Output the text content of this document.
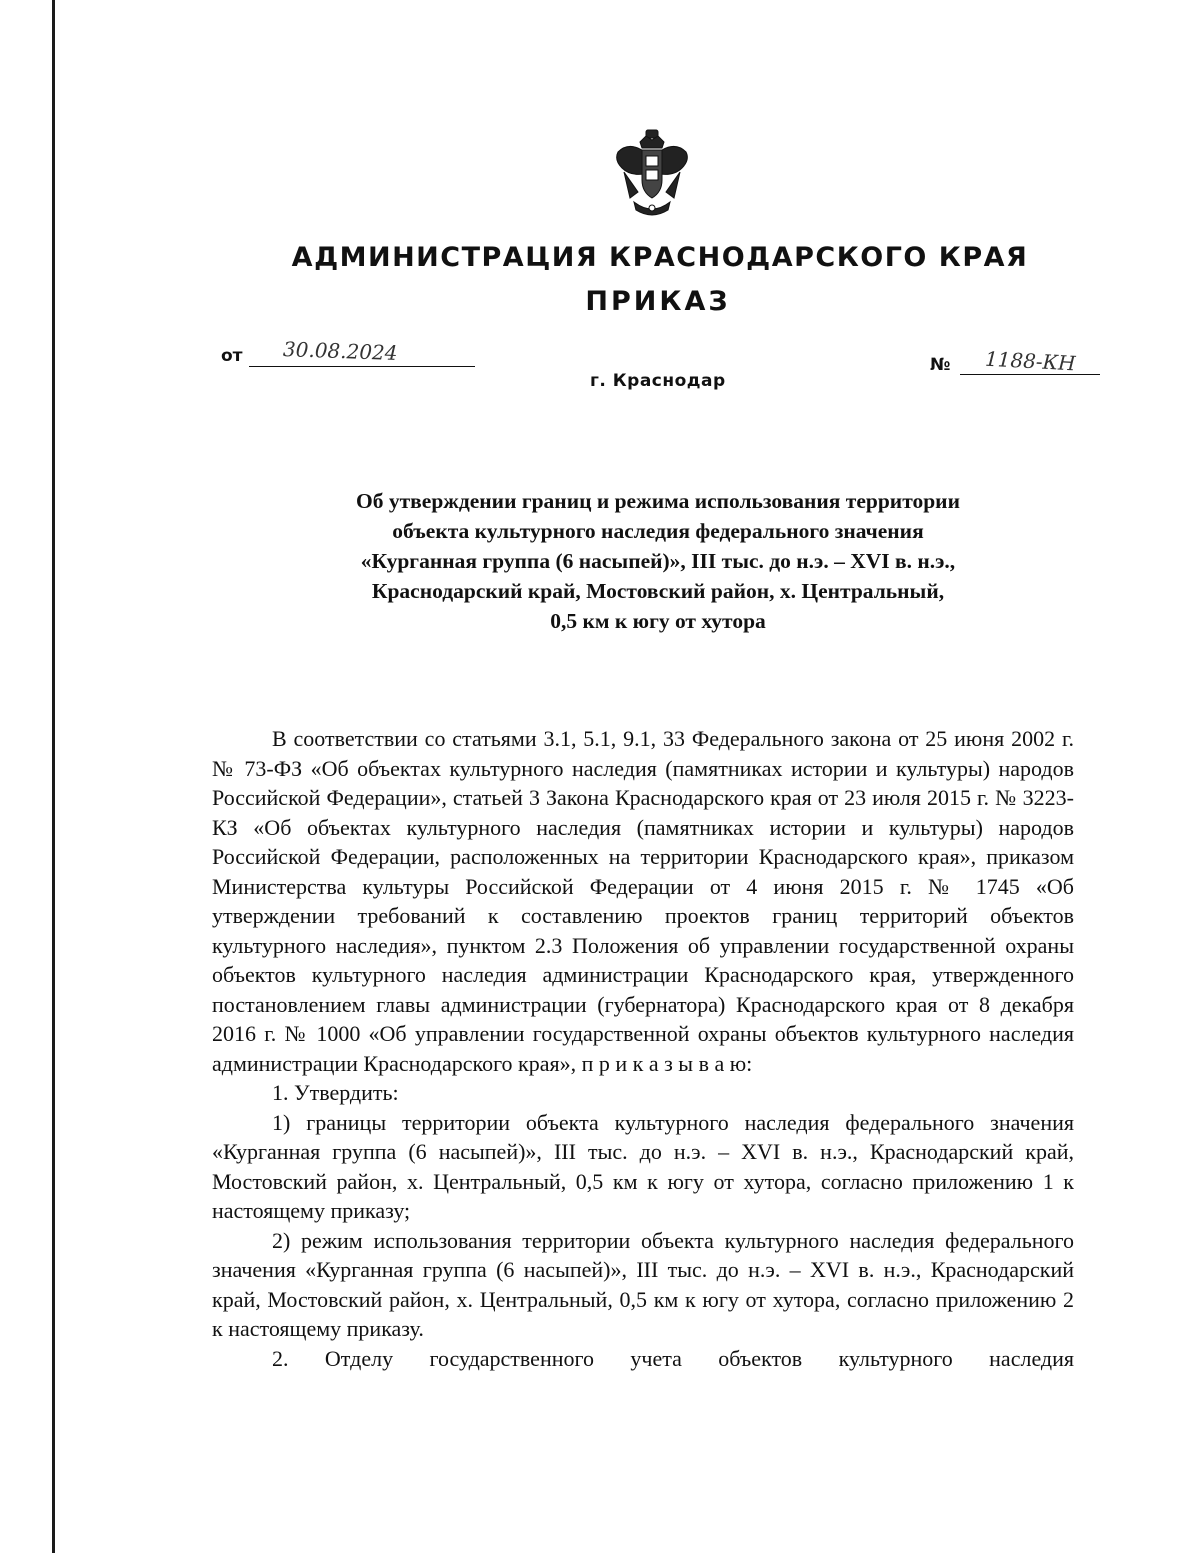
АДМИНИСТРАЦИЯ КРАСНОДАРСКОГО КРАЯ
ПРИКАЗ
от 30.08.2024
г. Краснодар
№ 1188-КН
Об утверждении границ и режима использования территории
объекта культурного наследия федерального значения
«Курганная группа (6 насыпей)», III тыс. до н.э. – XVI в. н.э.,
Краснодарский край, Мостовский район, х. Центральный,
0,5 км к югу от хутора

В соответствии со статьями 3.1, 5.1, 9.1, 33 Федерального закона от 25 июня 2002 г. № 73-ФЗ «Об объектах культурного наследия (памятниках истории и культуры) народов Российской Федерации», статьей 3 Закона Краснодарского края от 23 июля 2015 г. № 3223-КЗ «Об объектах культурного наследия (памятниках истории и культуры) народов Российской Федерации, расположенных на территории Краснодарского края», приказом Министерства культуры Российской Федерации от 4 июня 2015 г. № 1745 «Об утверждении требований к составлению проектов границ территорий объектов культурного наследия», пунктом 2.3 Положения об управлении государственной охраны объектов культурного наследия администрации Краснодарского края, утвержденного постановлением главы администрации (губернатора) Краснодарского края от 8 декабря 2016 г. № 1000 «Об управлении государственной охраны объектов культурного наследия администрации Краснодарского края», п р и к а з ы в а ю:

1. Утвердить:

1) границы территории объекта культурного наследия федерального значения «Курганная группа (6 насыпей)», III тыс. до н.э. – XVI в. н.э., Краснодарский край, Мостовский район, х. Центральный, 0,5 км к югу от хутора, согласно приложению 1 к настоящему приказу;

2) режим использования территории объекта культурного наследия федерального значения «Курганная группа (6 насыпей)», III тыс. до н.э. – XVI в. н.э., Краснодарский край, Мостовский район, х. Центральный, 0,5 км к югу от хутора, согласно приложению 2 к настоящему приказу.

2. Отделу государственного учета объектов культурного наследия
